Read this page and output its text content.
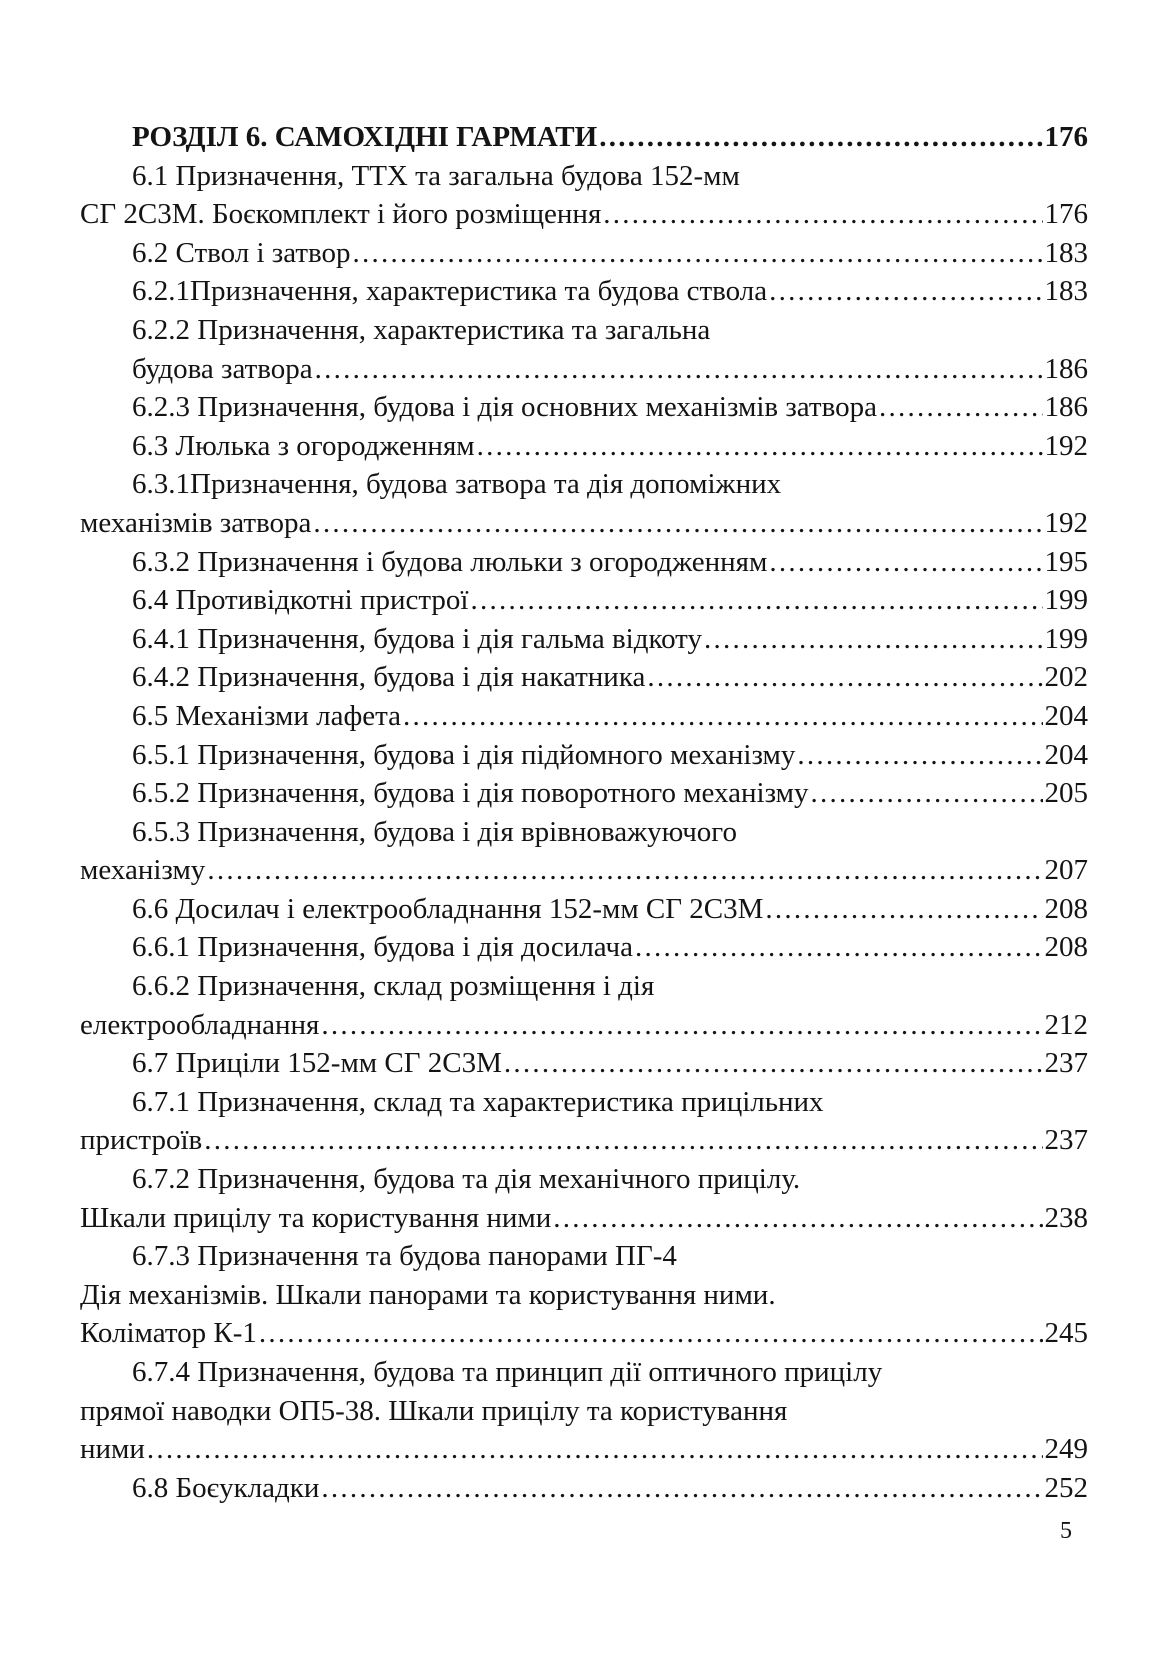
РОЗДІЛ 6. САМОХІДНІ ГАРМАТИ . . .	176
6.1 Призначення, ТТХ та загальна будова 152-мм
СГ 2С3М. Боєкомплект і його розміщення . . .	176
6.2 Ствол і затвор . . .	183
6.2.1Призначення, характеристика та будова ствола . . .	183
6.2.2 Призначення, характеристика та загальна
будова затвора . . .	186
6.2.3 Призначення, будова і дія основних механізмів затвора . . .	186
6.3 Люлька з огородженням . . .	192
6.3.1Призначення, будова затвора та дія допоміжних
механізмів затвора . . .	192
6.3.2 Призначення і будова люльки з огородженням . . .	195
6.4 Противідкотні пристрої . . .	199
6.4.1 Призначення, будова і дія гальма відкоту . . .	199
6.4.2 Призначення, будова і дія накатника . . .	202
6.5 Механізми лафета . . .	204
6.5.1 Призначення, будова і дія підйомного механізму . . .	204
6.5.2 Призначення, будова і дія поворотного механізму . . .	205
6.5.3 Призначення, будова і дія врівноважуючого
механізму . . .	207
6.6 Досилач і електрообладнання 152-мм СГ 2С3М . . .	208
6.6.1 Призначення, будова і дія досилача . . .	208
6.6.2 Призначення, склад розміщення і дія
електрообладнання . . .	212
6.7 Приціли 152-мм СГ 2С3М . . .	237
6.7.1 Призначення, склад та характеристика прицільних
пристроїв . . .	237
6.7.2 Призначення, будова та дія механічного прицілу.
Шкали прицілу та користування ними . . .	238
6.7.3 Призначення та будова панорами ПГ-4
Дія механізмів. Шкали панорами та користування ними.
Коліматор К-1 . . .	245
6.7.4 Призначення, будова та принцип дії оптичного прицілу
прямої наводки ОП5-38. Шкали прицілу та користування
ними . . .	249
6.8 Боєукладки . . .	252
5
